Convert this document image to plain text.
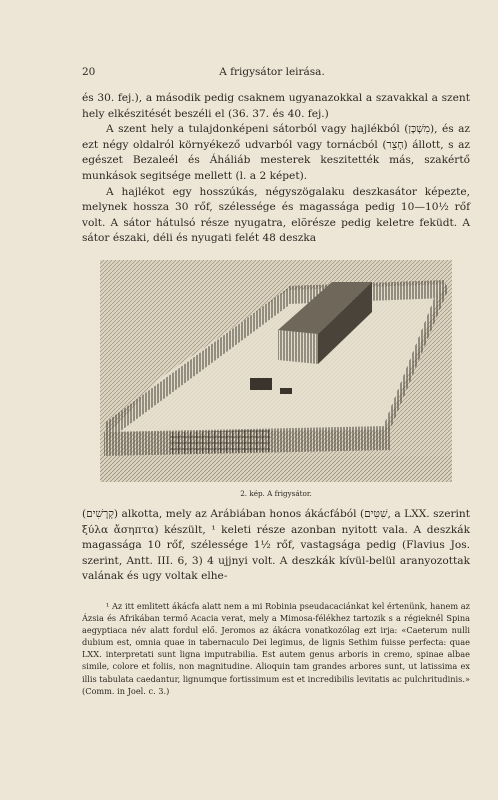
20	A frigysátor leirása.

és 30. fej.), a második pedig csaknem ugyanazokkal a szavakkal a szent hely elkészitését beszéli el (36. 37. és 40. fej.)

A szent hely a tulajdonképeni sátorból vagy hajlékból (מִשְׁכָּן), és az ezt négy oldalról környékező udvarból vagy tornácból (חָצֵר) állott, s az egészet Bezaleél és Áháliáb mesterek keszitették más, szakértő munkások segitsége mellett (l. a 2 képet).

A hajlékot egy hosszúkás, négyszögalaku deszkasátor képezte, melynek hossza 30 rőf, szélessége és magassága pedig 10—10½ rőf volt. A sátor hátulsó része nyugatra, elõrésze pedig keletre feküdt. A sátor északi, déli és nyugati felét 48 deszka

2. kép. A frigysátor.

(קְרָשִׁים) alkotta, mely az Arábiában honos ákácfából (שִׁטִּים, a LXX. szerint ξύλα ἄσηπτα) készült, ¹ keleti része azonban nyitott vala. A deszkák magassága 10 rőf, szélessége 1½ rőf, vastagsága pedig (Flavius Jos. szerint, Antt. III. 6, 3) 4 ujjnyi volt. A deszkák kívül-belül aranyozottak valának és ugy voltak elhe-

¹ Az itt emlitett ákácfa alatt nem a mi Robinia pseudacaciánkat kel értenünk, hanem az Ázsia és Afrikában termő Acacia verat, mely a Mimosa-félékhez tartozik s a régieknél Spina aegyptiaca név alatt fordul elő. Jeromos az ákácra vonatkozólag ezt irja: «Caeterum nulli dubium est, omnia quae in tabernaculo Dei legimus, de lignis Sethim fuisse perfecta: quae LXX. interpretati sunt ligna imputrabilia. Est autem genus arboris in cremo, spinae albae simile, colore et foliis, non magnitudine. Alioquin tam grandes arbores sunt, ut latissima ex illis tabulata caedantur, lignumque fortissimum est et incredibilis levitatis ac pulchritudinis.» (Comm. in Joel. c. 3.)
